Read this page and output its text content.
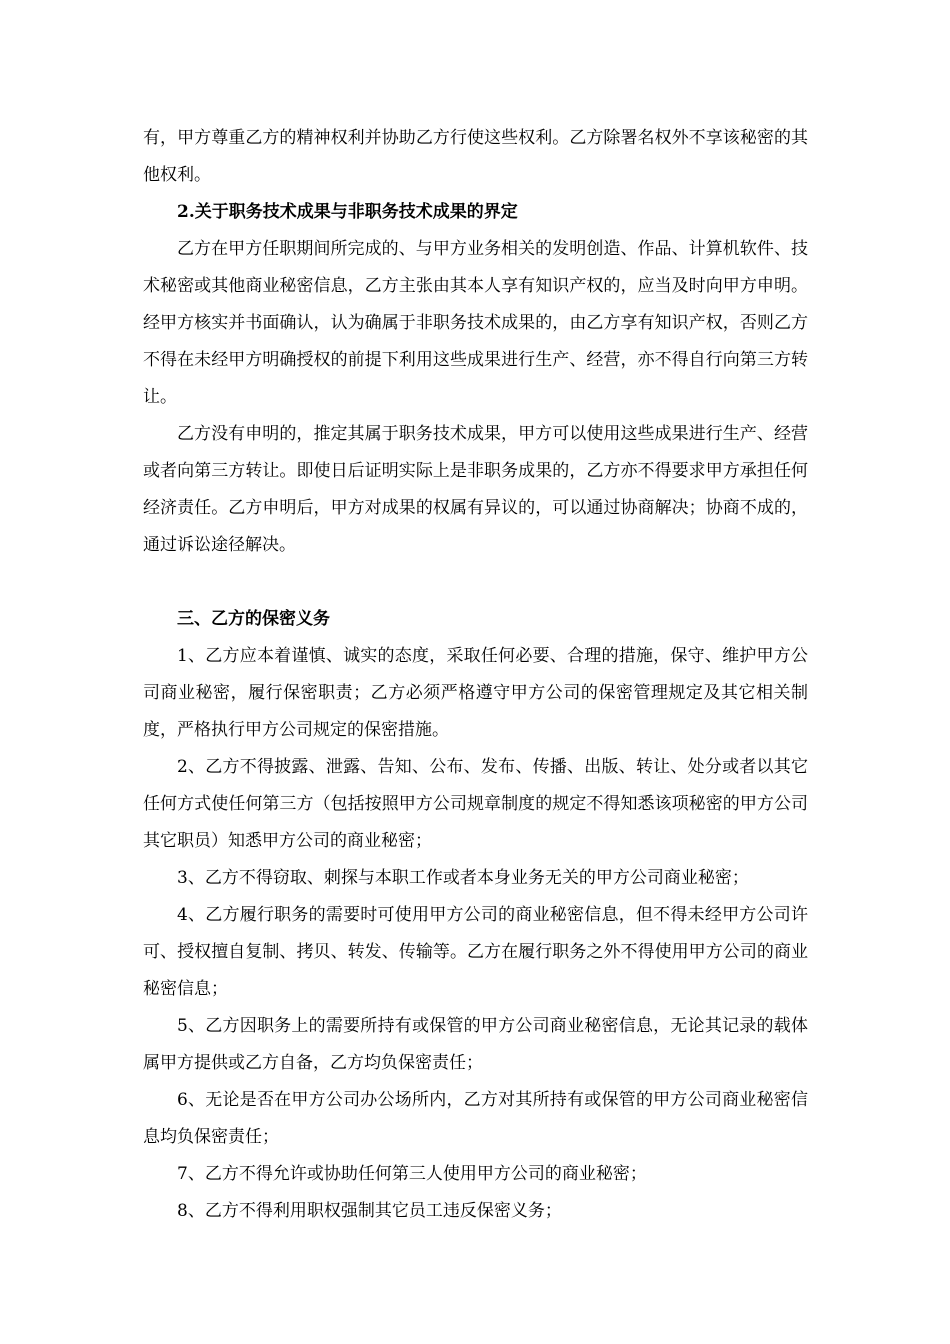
有，甲方尊重乙方的精神权利并协助乙方行使这些权利。乙方除署名权外不享该秘密的其他权利。

2.关于职务技术成果与非职务技术成果的界定

乙方在甲方任职期间所完成的、与甲方业务相关的发明创造、作品、计算机软件、技术秘密或其他商业秘密信息，乙方主张由其本人享有知识产权的，应当及时向甲方申明。经甲方核实并书面确认，认为确属于非职务技术成果的，由乙方享有知识产权，否则乙方不得在未经甲方明确授权的前提下利用这些成果进行生产、经营，亦不得自行向第三方转让。

乙方没有申明的，推定其属于职务技术成果，甲方可以使用这些成果进行生产、经营或者向第三方转让。即使日后证明实际上是非职务成果的，乙方亦不得要求甲方承担任何经济责任。乙方申明后，甲方对成果的权属有异议的，可以通过协商解决；协商不成的，通过诉讼途径解决。

三、乙方的保密义务

1、乙方应本着谨慎、诚实的态度，采取任何必要、合理的措施，保守、维护甲方公司商业秘密，履行保密职责；乙方必须严格遵守甲方公司的保密管理规定及其它相关制度，严格执行甲方公司规定的保密措施。

2、乙方不得披露、泄露、告知、公布、发布、传播、出版、转让、处分或者以其它任何方式使任何第三方（包括按照甲方公司规章制度的规定不得知悉该项秘密的甲方公司其它职员）知悉甲方公司的商业秘密；

3、乙方不得窃取、刺探与本职工作或者本身业务无关的甲方公司商业秘密；

4、乙方履行职务的需要时可使用甲方公司的商业秘密信息，但不得未经甲方公司许可、授权擅自复制、拷贝、转发、传输等。乙方在履行职务之外不得使用甲方公司的商业秘密信息；

5、乙方因职务上的需要所持有或保管的甲方公司商业秘密信息，无论其记录的载体属甲方提供或乙方自备，乙方均负保密责任；

6、无论是否在甲方公司办公场所内，乙方对其所持有或保管的甲方公司商业秘密信息均负保密责任；

7、乙方不得允许或协助任何第三人使用甲方公司的商业秘密；

8、乙方不得利用职权强制其它员工违反保密义务；
